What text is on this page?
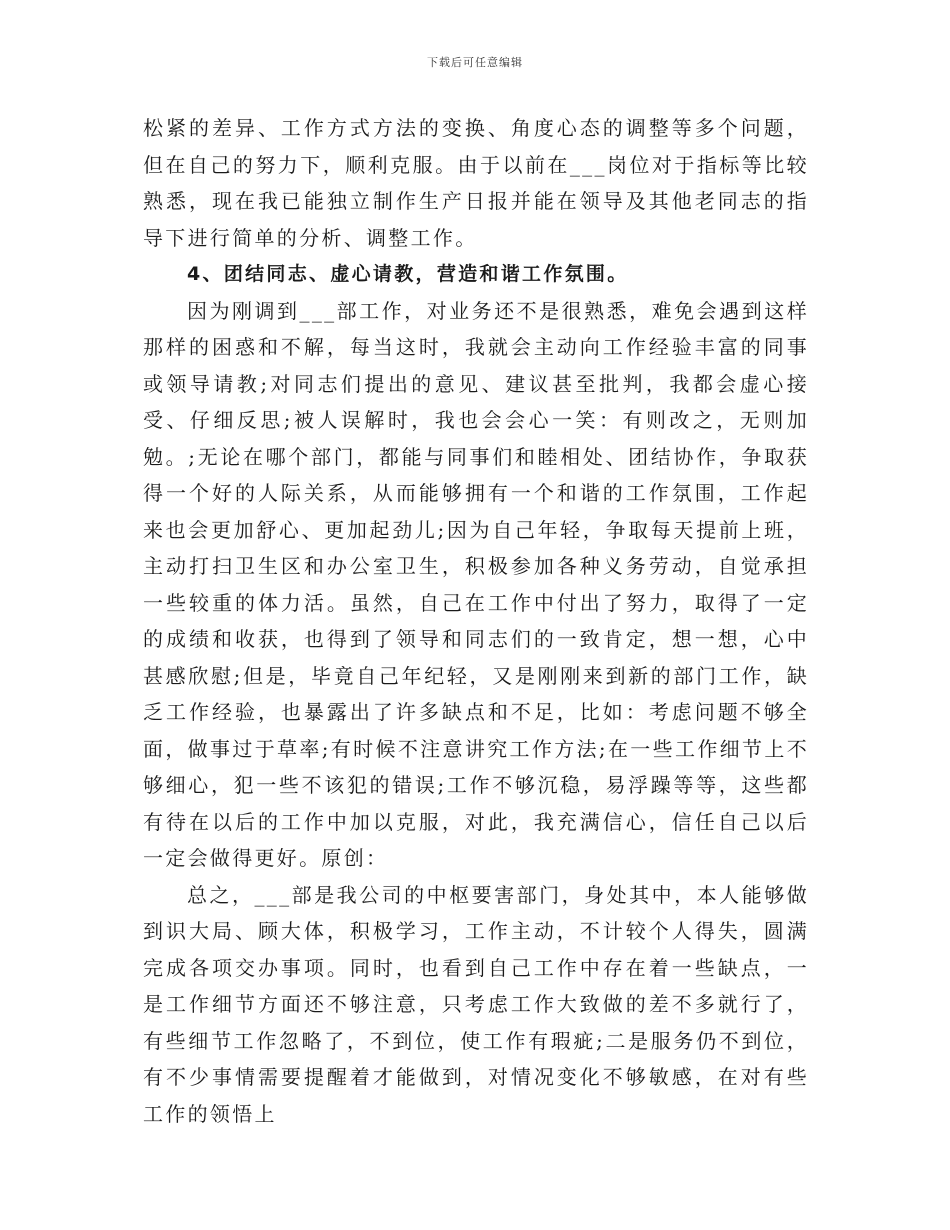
下载后可任意编辑

松紧的差异、工作方式方法的变换、角度心态的调整等多个问题，但在自己的努力下，顺利克服。由于以前在___岗位对于指标等比较熟悉，现在我已能独立制作生产日报并能在领导及其他老同志的指导下进行简单的分析、调整工作。

4、团结同志、虚心请教，营造和谐工作氛围。

因为刚调到___部工作，对业务还不是很熟悉，难免会遇到这样那样的困惑和不解，每当这时，我就会主动向工作经验丰富的同事或领导请教;对同志们提出的意见、建议甚至批判，我都会虚心接受、仔细反思;被人误解时，我也会会心一笑：有则改之，无则加勉。;无论在哪个部门，都能与同事们和睦相处、团结协作，争取获得一个好的人际关系，从而能够拥有一个和谐的工作氛围，工作起来也会更加舒心、更加起劲儿;因为自己年轻，争取每天提前上班，主动打扫卫生区和办公室卫生，积极参加各种义务劳动，自觉承担一些较重的体力活。虽然，自己在工作中付出了努力，取得了一定的成绩和收获，也得到了领导和同志们的一致肯定，想一想，心中甚感欣慰;但是，毕竟自己年纪轻，又是刚刚来到新的部门工作，缺乏工作经验，也暴露出了许多缺点和不足，比如：考虑问题不够全面，做事过于草率;有时候不注意讲究工作方法;在一些工作细节上不够细心，犯一些不该犯的错误;工作不够沉稳，易浮躁等等，这些都有待在以后的工作中加以克服，对此，我充满信心，信任自己以后一定会做得更好。原创：

总之，___部是我公司的中枢要害部门，身处其中，本人能够做到识大局、顾大体，积极学习，工作主动，不计较个人得失，圆满完成各项交办事项。同时，也看到自己工作中存在着一些缺点，一是工作细节方面还不够注意，只考虑工作大致做的差不多就行了，有些细节工作忽略了，不到位，使工作有瑕疵;二是服务仍不到位，有不少事情需要提醒着才能做到，对情况变化不够敏感，在对有些工作的领悟上
